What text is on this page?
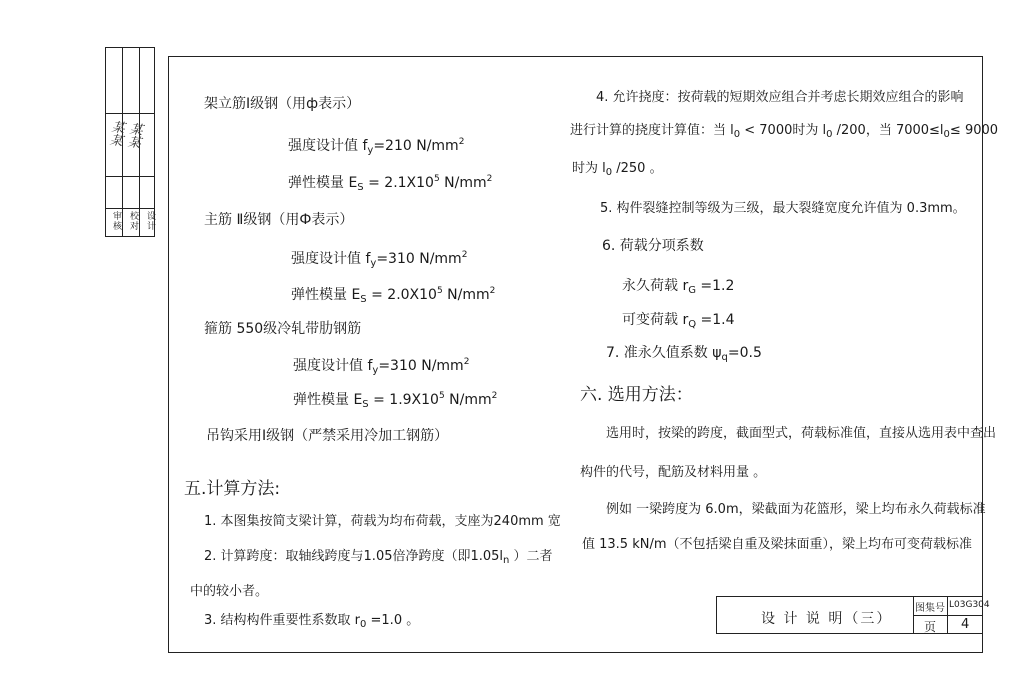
审核 校对 设计
某某 某某
架立筋Ⅰ级钢（用ф表示）
强度设计值 $f_y=210$ $N/mm^2$
弹性模量 $E_S = 2.1X10^5$ $N/mm^2$
主筋 Ⅱ级钢（用Ф表示）
强度设计值 $f_y=310$ $N/mm^2$
弹性模量 $E_S = 2.0X10^5$ $N/mm^2$
箍筋 550级冷轧带肋钢筋
强度设计值 $f_y=310$ $N/mm^2$
弹性模量 $E_S = 1.9X10^5$ $N/mm^2$
吊钩采用Ⅰ级钢（严禁采用冷加工钢筋）
五.计算方法:
1. 本图集按简支梁计算，荷载为均布荷载，支座为240mm 宽
2. 计算跨度：取轴线跨度与1.05倍净跨度（即$1.05l_n$ ）二者
中的较小者。
3. 结构构件重要性系数取 $r_0 =1.0$ 。
4. 允许挠度：按荷载的短期效应组合并考虑长期效应组合的影响
进行计算的挠度计算值：当 $l_0 < 7000$时为 $l_0$ /200，当 $7000\le l_0\le 9000$
时为 $l_0$ /250 。
5. 构件裂缝控制等级为三级，最大裂缝宽度允许值为 0.3mm。
6. 荷载分项系数
永久荷载 $r_G =1.2$
可变荷载 $r_Q =1.4$
7. 准永久值系数 $\psi_q=0.5$
六. 选用方法：
选用时，按梁的跨度，截面型式，荷载标准值，直接从选用表中查出
构件的代号，配筋及材料用量 。
例如 一梁跨度为 6.0m，梁截面为花篮形，梁上均布永久荷载标准
值 13.5 kN/m（不包括梁自重及梁抹面重），梁上均布可变荷载标准
设 计 说 明（三）
图集号 L03G304
页 4
